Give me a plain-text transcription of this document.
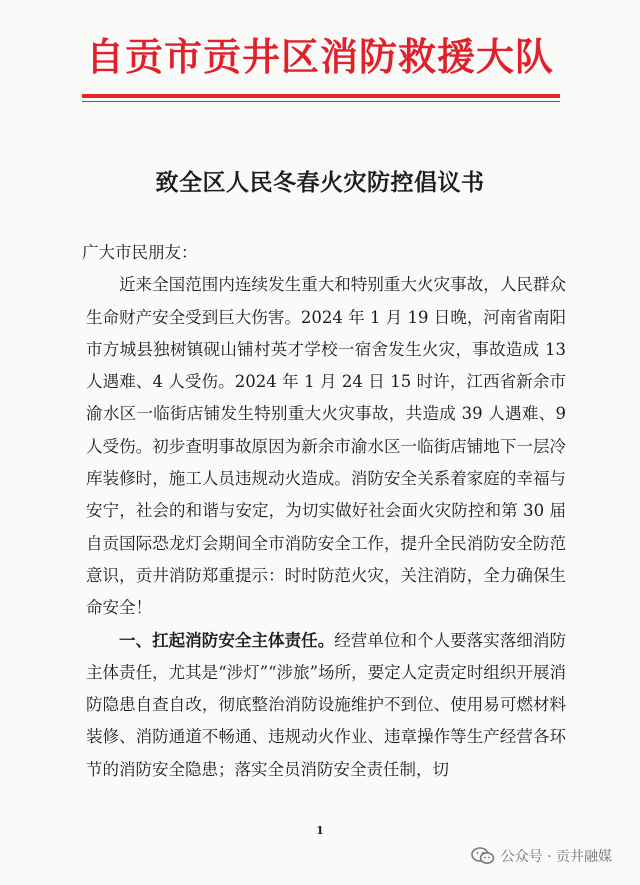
自贡市贡井区消防救援大队
致全区人民冬春火灾防控倡议书

广大市民朋友：

近来全国范围内连续发生重大和特别重大火灾事故，人民群众生命财产安全受到巨大伤害。2024 年 1 月 19 日晚，河南省南阳市方城县独树镇砚山铺村英才学校一宿舍发生火灾，事故造成 13 人遇难、4 人受伤。2024 年 1 月 24 日 15 时许，江西省新余市渝水区一临街店铺发生特别重大火灾事故，共造成 39 人遇难、9 人受伤。初步查明事故原因为新余市渝水区一临街店铺地下一层冷库装修时，施工人员违规动火造成。消防安全关系着家庭的幸福与安宁，社会的和谐与安定，为切实做好社会面火灾防控和第 30 届自贡国际恐龙灯会期间全市消防安全工作，提升全民消防安全防范意识，贡井消防郑重提示：时时防范火灾，关注消防，全力确保生命安全！

一、扛起消防安全主体责任。经营单位和个人要落实落细消防主体责任，尤其是“涉灯”“涉旅”场所，要定人定责定时组织开展消防隐患自查自改，彻底整治消防设施维护不到位、使用易可燃材料装修、消防通道不畅通、违规动火作业、违章操作等生产经营各环节的消防安全隐患；落实全员消防安全责任制，切

1
公众号 · 贡井融媒
